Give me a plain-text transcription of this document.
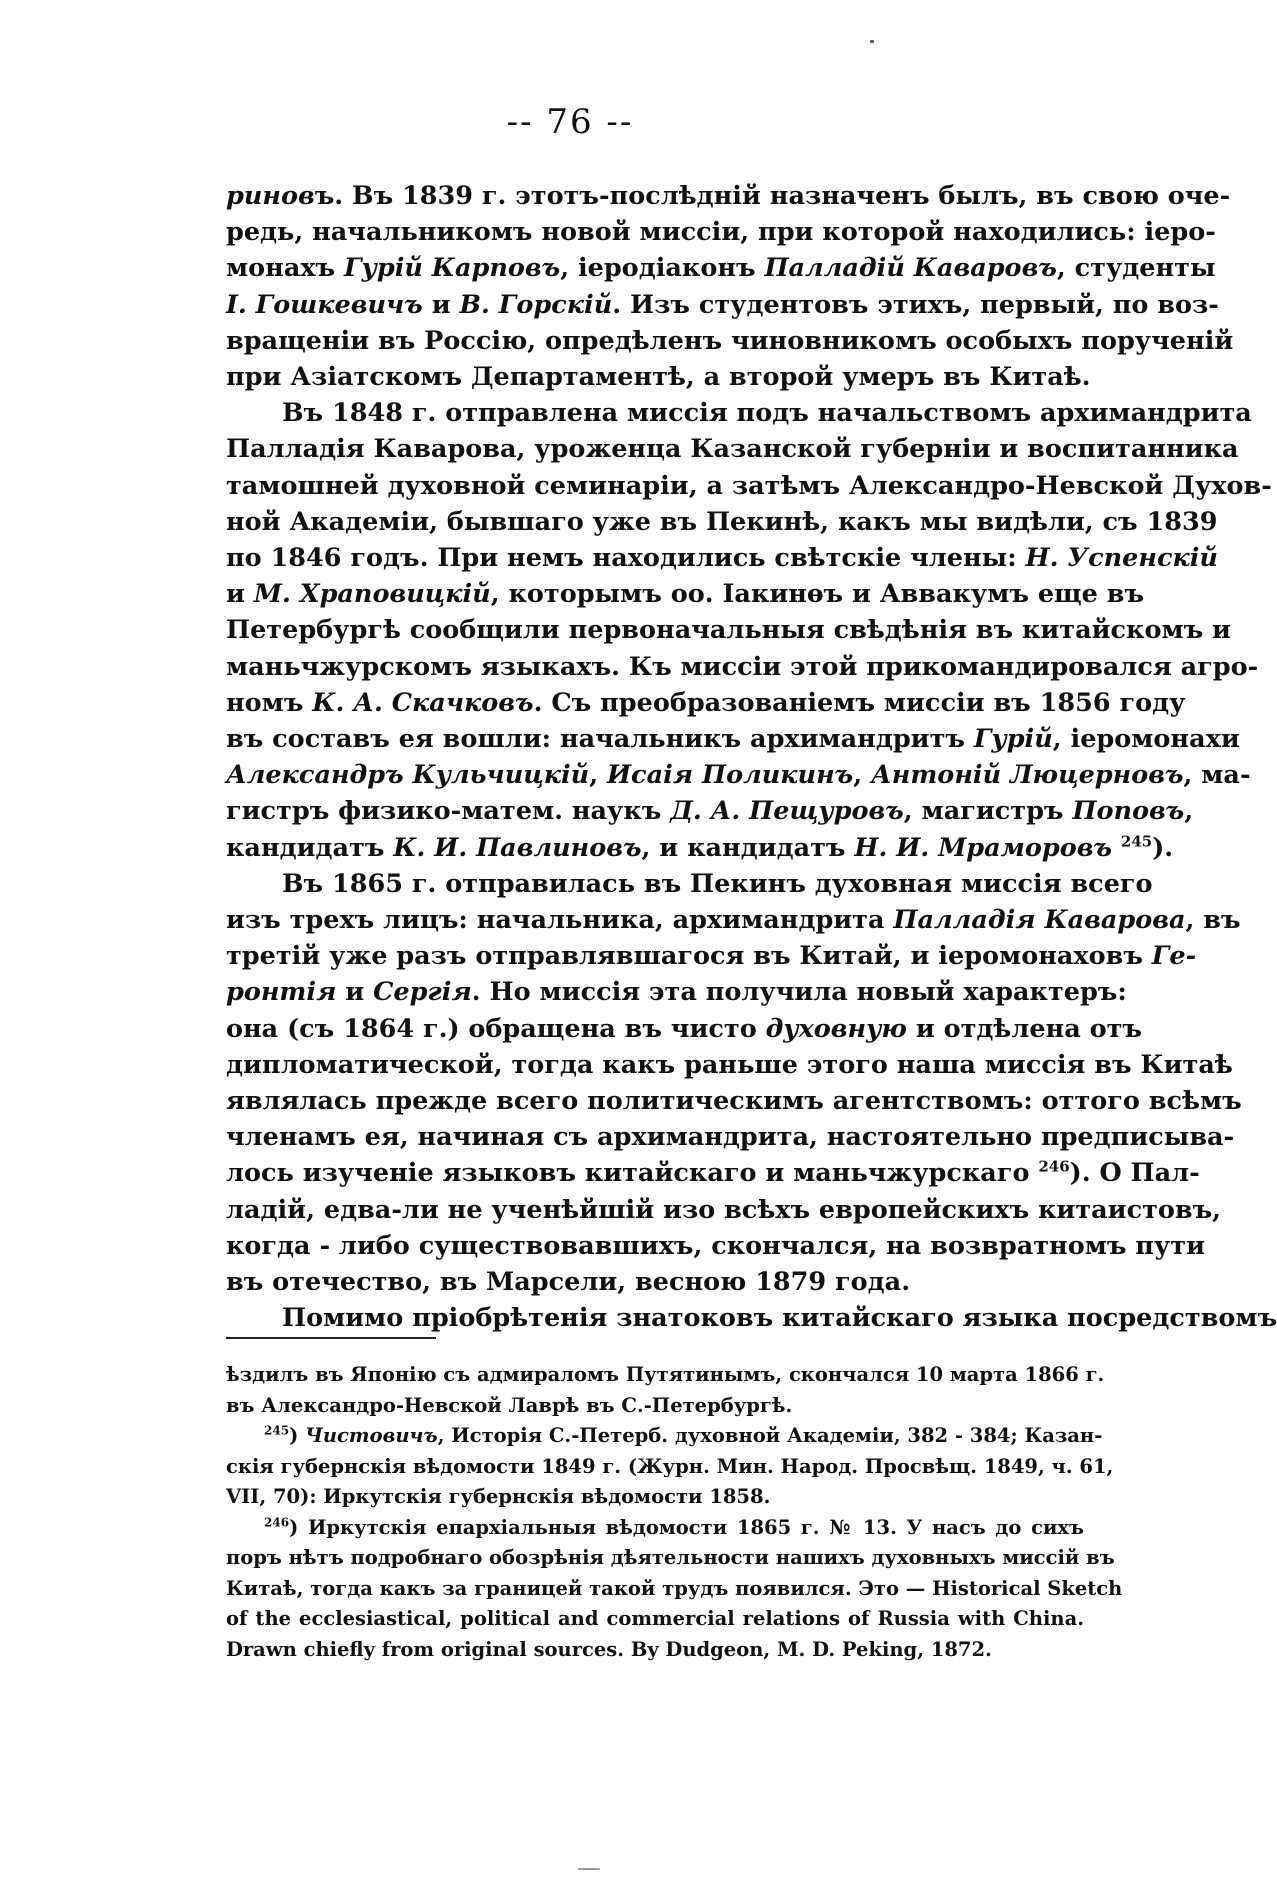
-- 76 --
риновъ. Въ 1839 г. этотъ-послѣдній назначенъ былъ, въ свою оче-
редь, начальникомъ новой миссіи, при которой находились: іеро-
монахъ Гурій Карповъ, іеродіаконъ Палладій Каваровъ, студенты
I. Гошкевичъ и В. Горскій. Изъ студентовъ этихъ, первый, по воз-
вращеніи въ Россію, опредѣленъ чиновникомъ особыхъ порученій
при Азіатскомъ Департаментѣ, а второй умеръ въ Китаѣ.
Въ 1848 г. отправлена миссія подъ начальствомъ архимандрита
Палладія Каварова, уроженца Казанской губерніи и воспитанника
тамошней духовной семинаріи, а затѣмъ Александро-Невской Духов-
ной Академіи, бывшаго уже въ Пекинѣ, какъ мы видѣли, съ 1839
по 1846 годъ. При немъ находились свѣтскіе члены: Н. Успенскій
и М. Храповицкій, которымъ оо. Іакинѳъ и Аввакумъ еще въ
Петербургѣ сообщили первоначальныя свѣдѣнія въ китайскомъ и
маньчжурскомъ языкахъ. Къ миссіи этой прикомандировался агро-
номъ К. А. Скачковъ. Съ преобразованіемъ миссіи въ 1856 году
въ составъ ея вошли: начальникъ архимандритъ Гурій, іеромонахи
Александръ Кульчицкій, Исаія Поликинъ, Антоній Люцерновъ, ма-
гистръ физико-матем. наукъ Д. А. Пещуровъ, магистръ Поповъ,
кандидатъ К. И. Павлиновъ, и кандидатъ Н. И. Мраморовъ $^{245}$).
Въ 1865 г. отправилась въ Пекинъ духовная миссія всего
изъ трехъ лицъ: начальника, архимандрита Палладія Каварова, въ
третій уже разъ отправлявшагося въ Китай, и іеромонаховъ Ге-
ронтія и Сергія. Но миссія эта получила новый характеръ:
она (съ 1864 г.) обращена въ чисто духовную и отдѣлена отъ
дипломатической, тогда какъ раньше этого наша миссія въ Китаѣ
являлась прежде всего политическимъ агентствомъ: оттого всѣмъ
членамъ ея, начиная съ архимандрита, настоятельно предписыва-
лось изученіе языковъ китайскаго и маньчжурскаго $^{246}$). О Пал-
ладій, едва-ли не ученѣйшій изо всѣхъ европейскихъ китаистовъ,
когда - либо существовавшихъ, скончался, на возвратномъ пути
въ отечество, въ Марсели, весною 1879 года.
Помимо пріобрѣтенія знатоковъ китайскаго языка посредствомъ
ѣздилъ въ Японію съ адмираломъ Путятинымъ, скончался 10 марта 1866 г.
въ Александро-Невской Лаврѣ въ С.-Петербургѣ.
$^{245}$) Чистовичъ, Исторія С.-Петерб. духовной Академіи, 382 - 384; Казан-
скія губернскія вѣдомости 1849 г. (Журн. Мин. Народ. Просвѣщ. 1849, ч. 61,
VII, 70): Иркутскія губернскія вѣдомости 1858.
$^{246}$) Иркутскія епархіальныя вѣдомости 1865 г. № 13. У насъ до сихъ
поръ нѣтъ подробнаго обозрѣнія дѣятельности нашихъ духовныхъ миссій въ
Китаѣ, тогда какъ за границей такой трудъ появился. Это — Historical Sketch
of the ecclesiastical, political and commercial relations of Russia with China.
Drawn chiefly from original sources. By Dudgeon, M. D. Peking, 1872.
